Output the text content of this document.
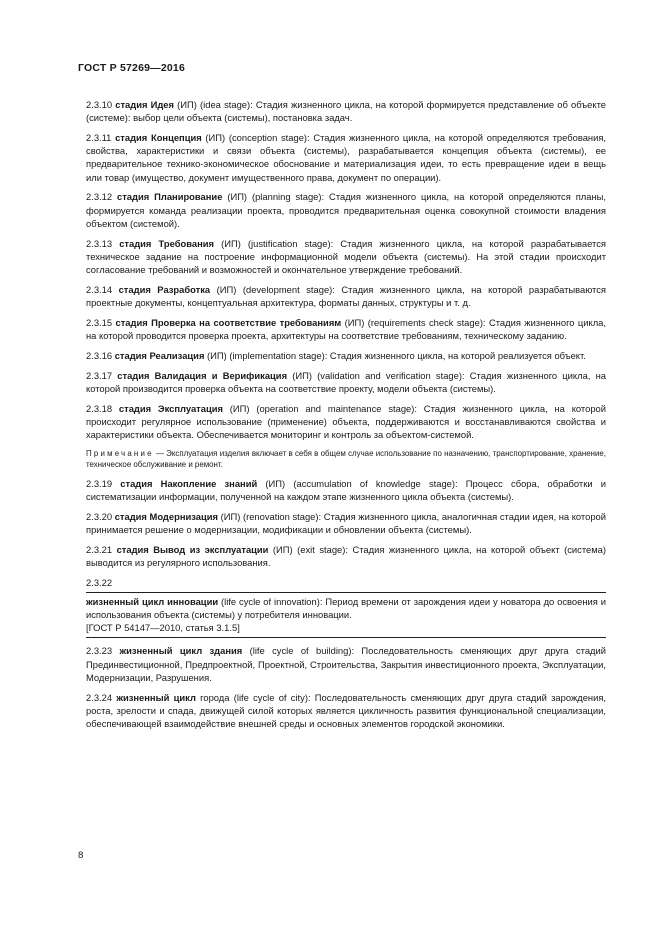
ГОСТ Р 57269—2016

2.3.10 стадия Идея (ИП) (idea stage): Стадия жизненного цикла, на которой формируется представление об объекте (системе): выбор цели объекта (системы), постановка задач.

2.3.11 стадия Концепция (ИП) (conception stage): Стадия жизненного цикла, на которой определяются требования, свойства, характеристики и связи объекта (системы), разрабатывается концепция объекта (системы), ее предварительное технико-экономическое обоснование и материализация идеи, то есть превращение идеи в вещь или товар (имущество, документ имущественного права, документ по операции).

2.3.12 стадия Планирование (ИП) (planning stage): Стадия жизненного цикла, на которой определяются планы, формируется команда реализации проекта, проводится предварительная оценка совокупной стоимости владения объектом (системой).

2.3.13 стадия Требования (ИП) (justification stage): Стадия жизненного цикла, на которой разрабатывается техническое задание на построение информационной модели объекта (системы). На этой стадии происходит согласование требований и возможностей и окончательное утверждение требований.

2.3.14 стадия Разработка (ИП) (development stage): Стадия жизненного цикла, на которой разрабатываются проектные документы, концептуальная архитектура, форматы данных, структуры и т. д.

2.3.15 стадия Проверка на соответствие требованиям (ИП) (requirements check stage): Стадия жизненного цикла, на которой проводится проверка проекта, архитектуры на соответствие требованиям, техническому заданию.

2.3.16 стадия Реализация (ИП) (implementation stage): Стадия жизненного цикла, на которой реализуется объект.

2.3.17 стадия Валидация и Верификация (ИП) (validation and verification stage): Стадия жизненного цикла, на которой производится проверка объекта на соответствие проекту, модели объекта (системы).

2.3.18 стадия Эксплуатация (ИП) (operation and maintenance stage): Стадия жизненного цикла, на которой происходит регулярное использование (применение) объекта, поддерживаются и восстанавливаются свойства и характеристики объекта. Обеспечивается мониторинг и контроль за объектом-системой.

Примечание — Эксплуатация изделия включает в себя в общем случае использование по назначению, транспортирование, хранение, техническое обслуживание и ремонт.

2.3.19 стадия Накопление знаний (ИП) (accumulation of knowledge stage): Процесс сбора, обработки и систематизации информации, полученной на каждом этапе жизненного цикла объекта (системы).

2.3.20 стадия Модернизация (ИП) (renovation stage): Стадия жизненного цикла, аналогичная стадии идея, на которой принимается решение о модернизации, модификации и обновлении объекта (системы).

2.3.21 стадия Вывод из эксплуатации (ИП) (exit stage): Стадия жизненного цикла, на которой объект (система) выводится из регулярного использования.

2.3.22

жизненный цикл инновации (life cycle of innovation): Период времени от зарождения идеи у новатора до освоения и использования объекта (системы) у потребителя инновации.

[ГОСТ Р 54147—2010, статья 3.1.5]

2.3.23 жизненный цикл здания (life cycle of building): Последовательность сменяющих друг друга стадий Прединвестиционной, Предпроектной, Проектной, Строительства, Закрытия инвестиционного проекта, Эксплуатации, Модернизации, Разрушения.

2.3.24 жизненный цикл города (life cycle of city): Последовательность сменяющих друг друга стадий зарождения, роста, зрелости и спада, движущей силой которых является цикличность развития функциональной специализации, обеспечивающей взаимодействие внешней среды и основных элементов городской экономики.

8
